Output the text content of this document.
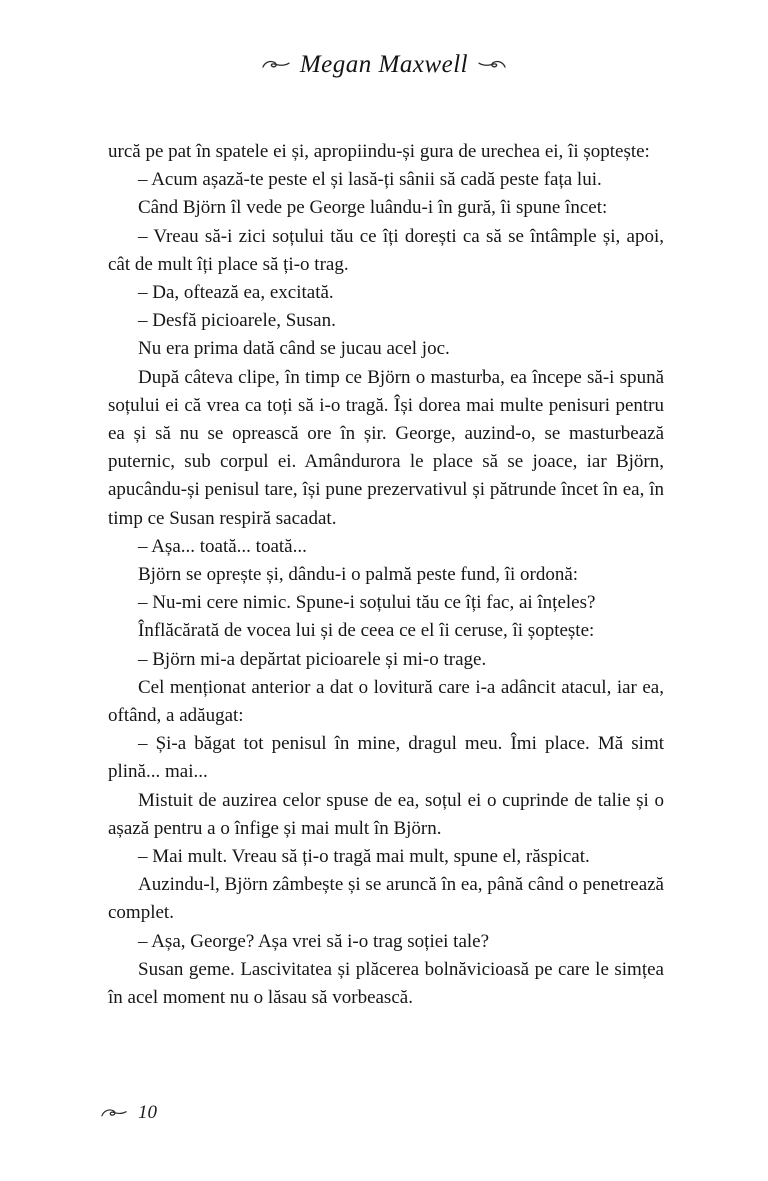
Megan Maxwell

urcă pe pat în spatele ei și, apropiindu-și gura de urechea ei, îi șoptește:

– Acum așază-te peste el și lasă-ți sânii să cadă peste fața lui.

Când Björn îl vede pe George luându-i în gură, îi spune încet:

– Vreau să-i zici soțului tău ce îți dorești ca să se întâmple și, apoi, cât de mult îți place să ți-o trag.

– Da, oftează ea, excitată.

– Desfă picioarele, Susan.

Nu era prima dată când se jucau acel joc.

După câteva clipe, în timp ce Björn o masturba, ea începe să-i spună soțului ei că vrea ca toți să i-o tragă. Își dorea mai multe penisuri pentru ea și să nu se oprească ore în șir. George, auzind-o, se masturbează puternic, sub corpul ei. Amândurora le place să se joace, iar Björn, apucându-și penisul tare, își pune prezervativul și pătrunde încet în ea, în timp ce Susan respiră sacadat.

– Așa... toată... toată...

Björn se oprește și, dându-i o palmă peste fund, îi ordonă:

– Nu-mi cere nimic. Spune-i soțului tău ce îți fac, ai înțeles?

Înflăcărată de vocea lui și de ceea ce el îi ceruse, îi șoptește:

– Björn mi-a depărtat picioarele și mi-o trage.

Cel menționat anterior a dat o lovitură care i-a adâncit atacul, iar ea, oftând, a adăugat:

– Și-a băgat tot penisul în mine, dragul meu. Îmi place. Mă simt plină... mai...

Mistuit de auzirea celor spuse de ea, soțul ei o cuprinde de talie și o așază pentru a o înfige și mai mult în Björn.

– Mai mult. Vreau să ți-o tragă mai mult, spune el, răspicat.

Auzindu-l, Björn zâmbește și se aruncă în ea, până când o penetrează complet.

– Așa, George? Așa vrei să i-o trag soției tale?

Susan geme. Lascivitatea și plăcerea bolnăvicioasă pe care le simțea în acel moment nu o lăsau să vorbească.

10
